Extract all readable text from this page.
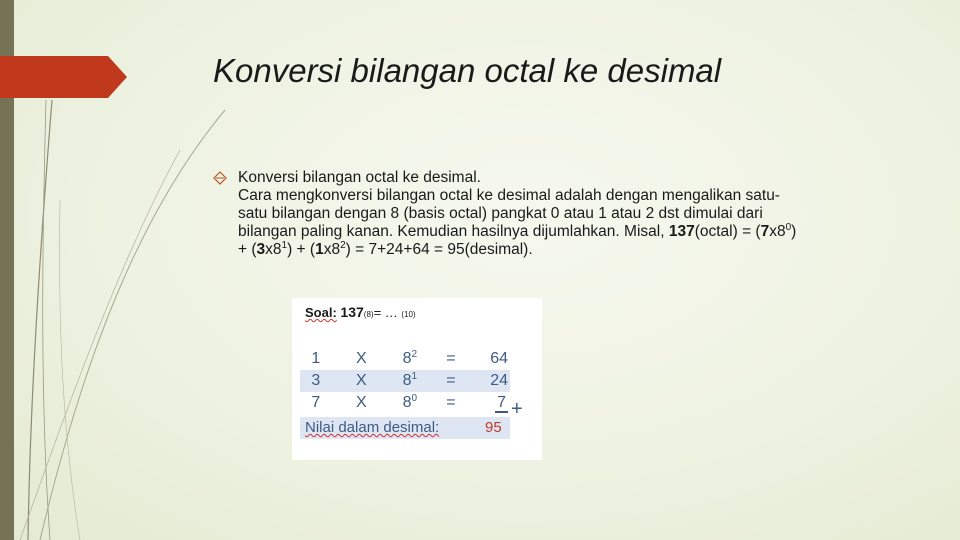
Konversi bilangan octal ke desimal
Konversi bilangan octal ke desimal.
Cara mengkonversi bilangan octal ke desimal adalah dengan mengalikan satu-
satu bilangan dengan 8 (basis octal) pangkat 0 atau 1 atau 2 dst dimulai dari
bilangan paling kanan. Kemudian hasilnya dijumlahkan. Misal, 137(octal) = $(7x8^0)$
+ $(3x8^1) + (1x8^2) = 7+24+64$ = 95(desimal).
Soal: 137(8)= … (10)
1	X	$8^2$	=	64
3	X	$8^1$	=	24
7	X	$8^0$	=	7 +
Nilai dalam desimal:	95
